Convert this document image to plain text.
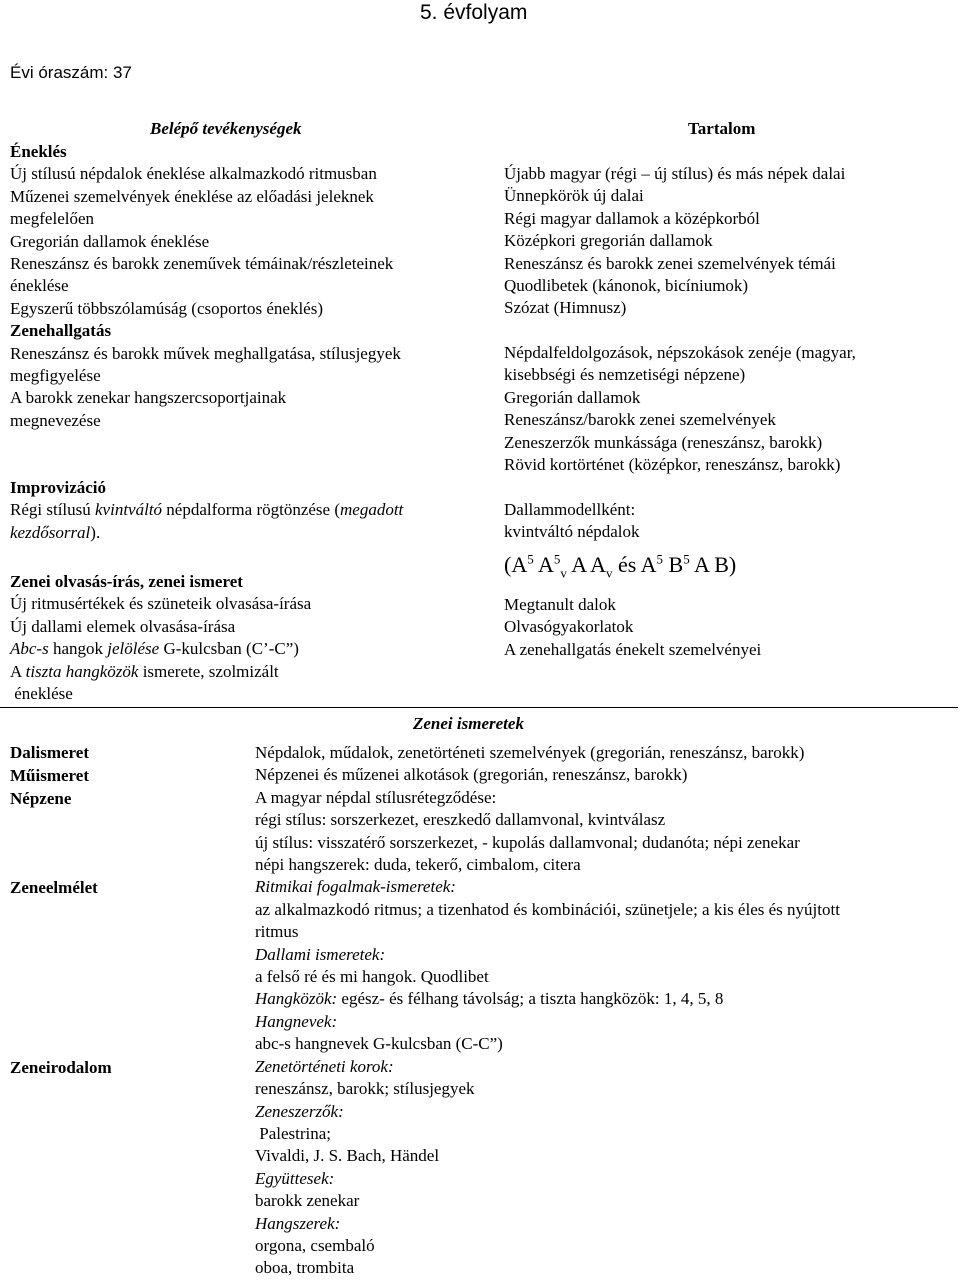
5. évfolyam
Évi óraszám: 37
Belépő tevékenységek
Éneklés
Új stílusú népdalok éneklése alkalmazkodó ritmusban
Műzenei szemelvények éneklése az előadási jeleknek
megfelelően
Gregorián dallamok éneklése
Reneszánsz és barokk zeneművek témáinak/részleteinek
éneklése
Egyszerű többszólamúság (csoportos éneklés)
Zenehallgatás
Reneszánsz és barokk művek meghallgatása, stílusjegyek
megfigyelése
A barokk zenekar hangszercsoportjainak
megnevezése
Improvizáció
Régi stílusú kvintváltó népdalforma rögtönzése (megadott
kezdősorral).
Zenei olvasás-írás, zenei ismeret
Új ritmusértékek és szüneteik olvasása-írása
Új dallami elemek olvasása-írása
Abc-s hangok jelölése G-kulcsban (C’-C”)
A tiszta hangközök ismerete, szolmizált
éneklése
Tartalom
Újabb magyar (régi – új stílus) és más népek dalai
Ünnepkörök új dalai
Régi magyar dallamok a középkorból
Középkori gregorián dallamok
Reneszánsz és barokk zenei szemelvények témái
Quodlibetek (kánonok, bicíniumok)
Szózat (Himnusz)
Népdalfeldolgozások, népszokások zenéje (magyar,
kisebbségi és nemzetiségi népzene)
Gregorián dallamok
Reneszánsz/barokk zenei szemelvények
Zeneszerzők munkássága (reneszánsz, barokk)
Rövid kortörténet (középkor, reneszánsz, barokk)
Dallammodellként:
kvintváltó népdalok
($A^5$ $A^5_v$ A $A_v$ és $A^5$ $B^5$ A B)
Megtanult dalok
Olvasógyakorlatok
A zenehallgatás énekelt szemelvényei
Zenei ismeretek
Dalismeret
Műismeret
Népzene
Zeneelmélet
Zeneirodalom
Népdalok, műdalok, zenetörténeti szemelvények (gregorián, reneszánsz, barokk)
Népzenei és műzenei alkotások (gregorián, reneszánsz, barokk)
A magyar népdal stílusrétegződése:
régi stílus: sorszerkezet, ereszkedő dallamvonal, kvintválasz
új stílus: visszatérő sorszerkezet, - kupolás dallamvonal; dudanóta; népi zenekar
népi hangszerek: duda, tekerő, cimbalom, citera
Ritmikai fogalmak-ismeretek:
az alkalmazkodó ritmus; a tizenhatod és kombinációi, szünetjele; a kis éles és nyújtott
ritmus
Dallami ismeretek:
a felső ré és mi hangok. Quodlibet
Hangközök: egész- és félhang távolság; a tiszta hangközök: 1, 4, 5, 8
Hangnevek:
abc-s hangnevek G-kulcsban (C-C”)
Zenetörténeti korok:
reneszánsz, barokk; stílusjegyek
Zeneszerzők:
Palestrina;
Vivaldi, J. S. Bach, Händel
Együttesek:
barokk zenekar
Hangszerek:
orgona, csembaló
oboa, trombita
